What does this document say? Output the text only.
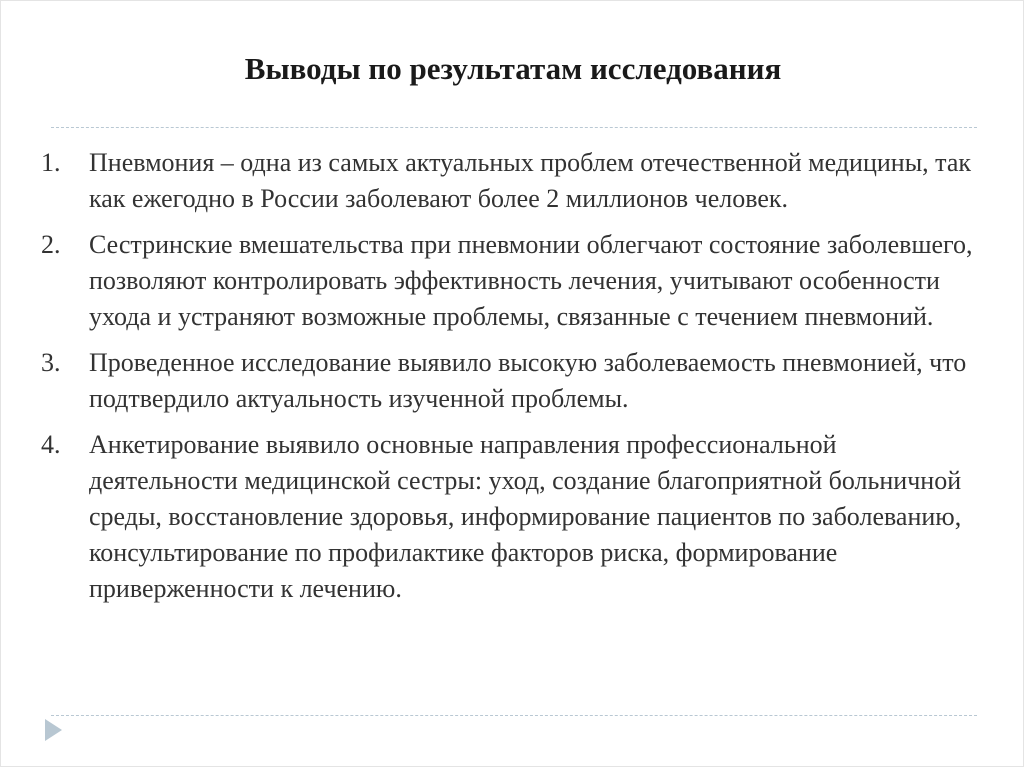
Выводы по результатам исследования
1. Пневмония – одна из самых актуальных проблем отечественной медицины, так как ежегодно в России заболевают более 2 миллионов человек.
2. Сестринские вмешательства при пневмонии облегчают состояние заболевшего, позволяют контролировать эффективность лечения, учитывают особенности ухода и устраняют возможные проблемы, связанные с течением пневмоний.
3. Проведенное исследование выявило высокую заболеваемость пневмонией, что подтвердило актуальность изученной проблемы.
4. Анкетирование выявило основные направления профессиональной деятельности медицинской сестры: уход, создание благоприятной больничной среды, восстановление здоровья, информирование пациентов по заболеванию, консультирование по профилактике факторов риска, формирование приверженности к лечению.
